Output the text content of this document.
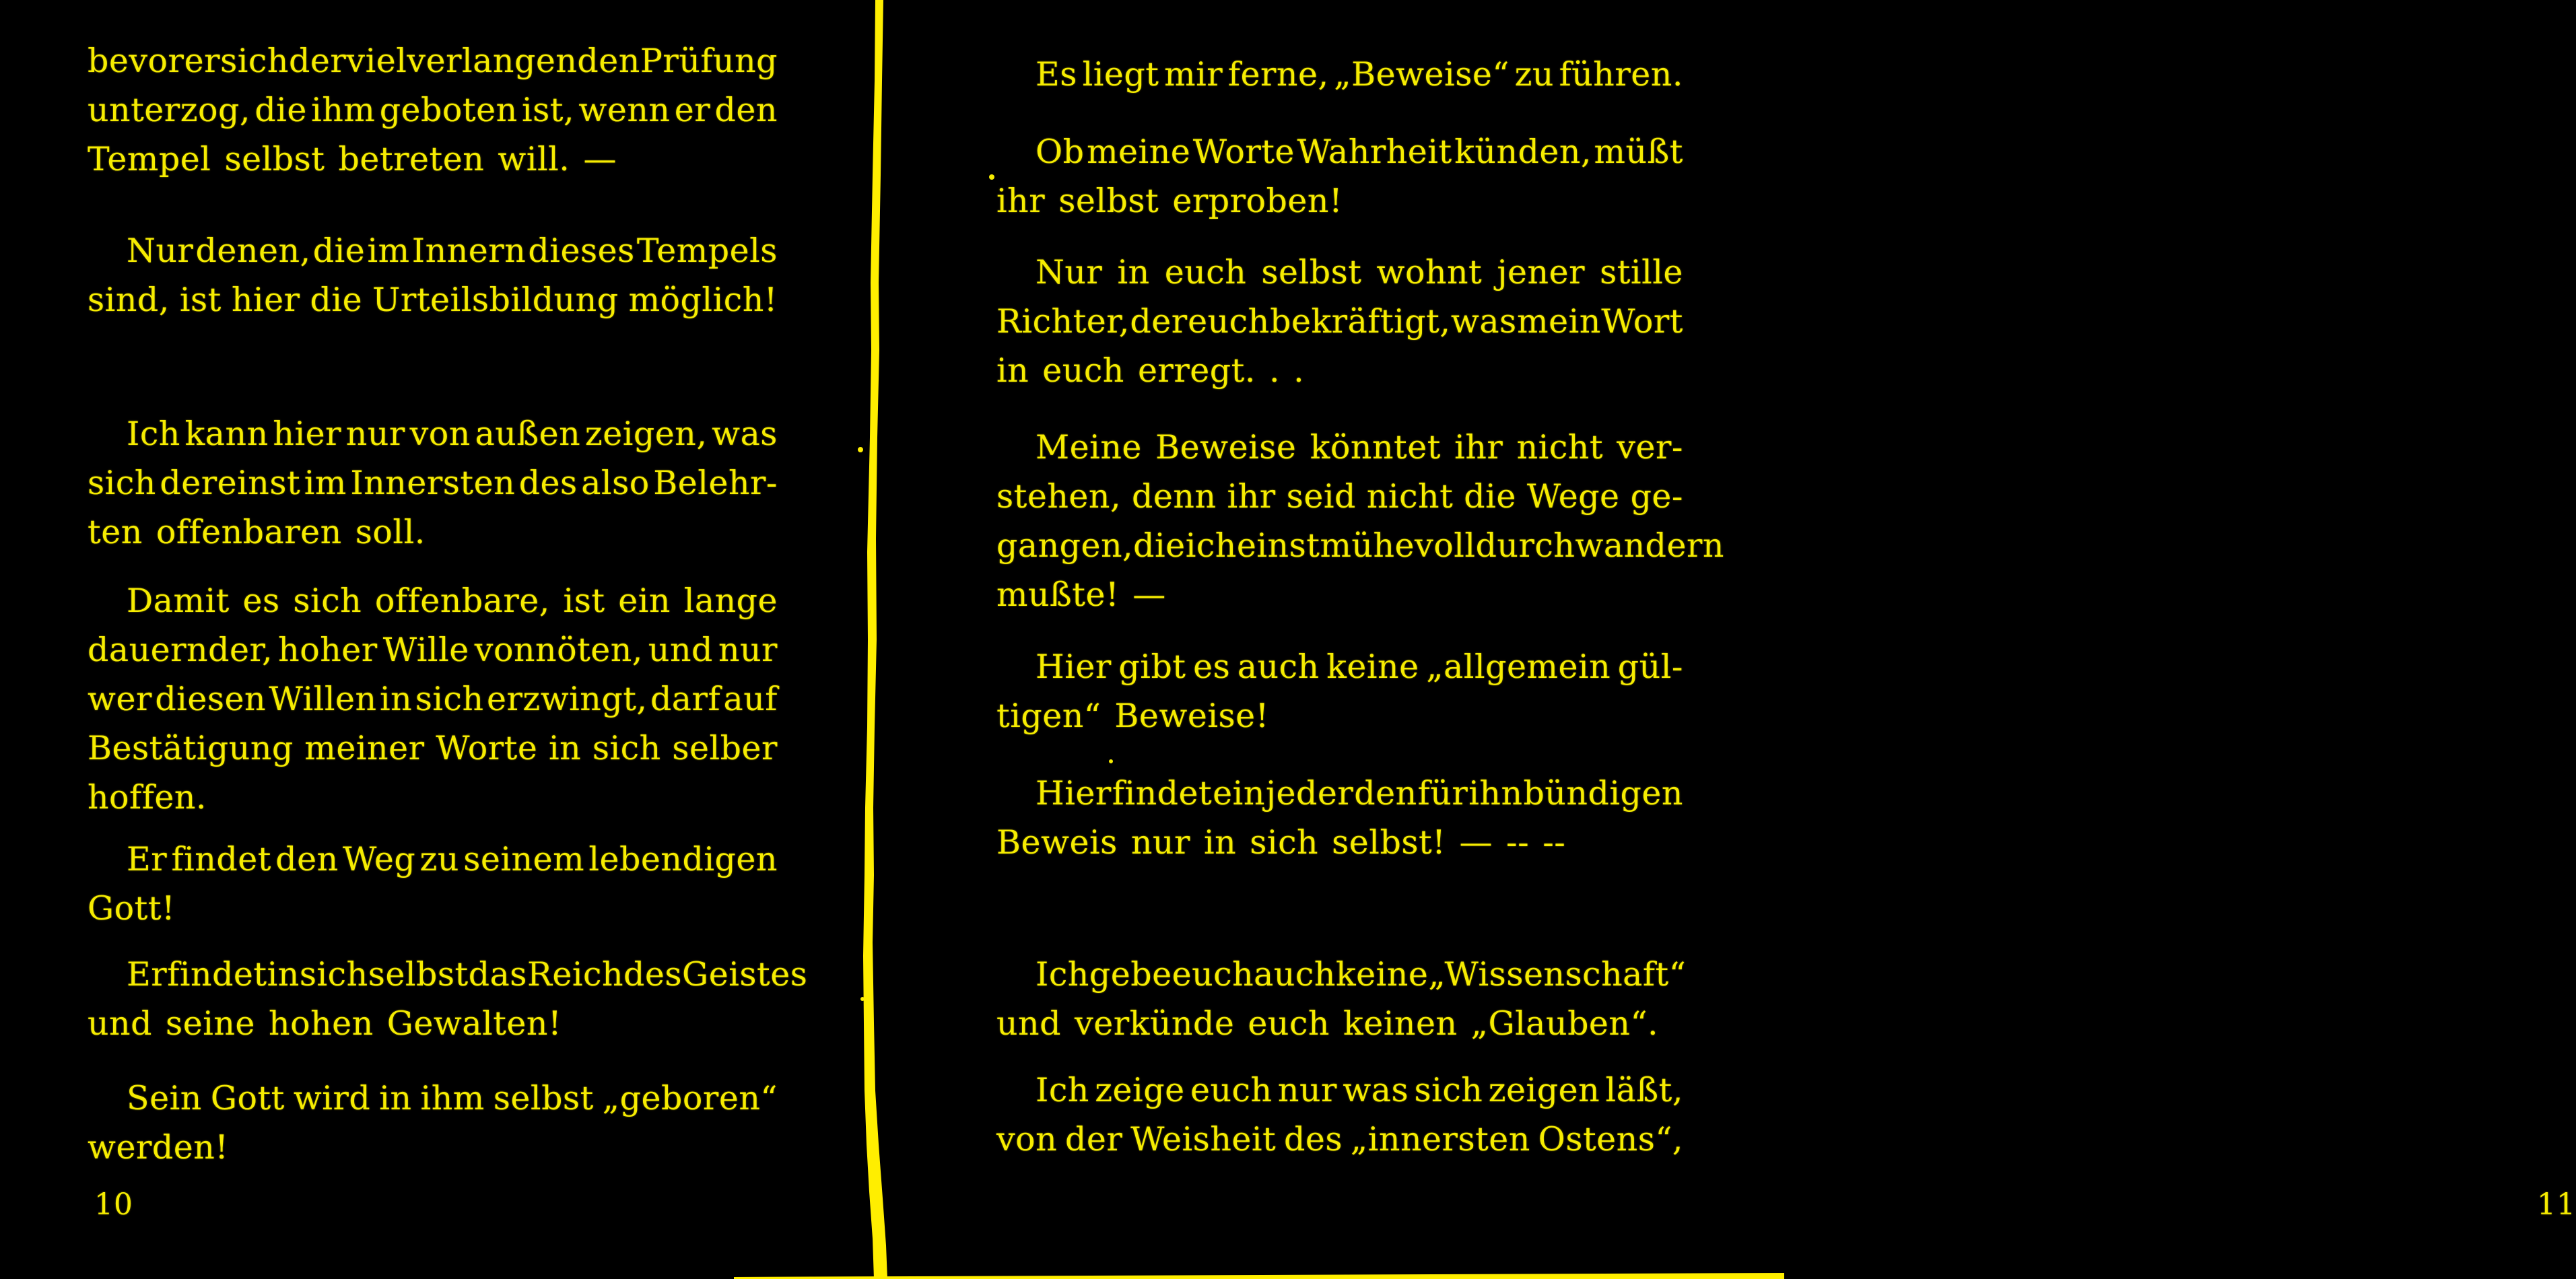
bevor er sich der vielverlangenden Prüfung
unterzog, die ihm geboten ist, wenn er den
Tempel selbst betreten will. —
Nur denen, die im Innern dieses Tempels
sind, ist hier die Urteilsbildung möglich!
Ich kann hier nur von außen zeigen, was
sich dereinst im Innersten des also Belehr-
ten offenbaren soll.
Damit es sich offenbare, ist ein lange
dauernder, hoher Wille vonnöten, und nur
wer diesen Willen in sich erzwingt, darf auf
Bestätigung meiner Worte in sich selber
hoffen.
Er findet den Weg zu seinem lebendigen
Gott!
Er findet in sich selbst das Reich des Geistes
und seine hohen Gewalten!
Sein Gott wird in ihm selbst „geboren“
werden!
10
Es liegt mir ferne, „Beweise“ zu führen.
Ob meine Worte Wahrheit künden, müßt
ihr selbst erproben!
Nur in euch selbst wohnt jener stille
Richter, der euch bekräftigt, was mein Wort
in euch erregt. . .
Meine Beweise könntet ihr nicht ver-
stehen, denn ihr seid nicht die Wege ge-
gangen, die ich einst mühevoll durchwandern
mußte! —
Hier gibt es auch keine „allgemein gül-
tigen“ Beweise!
Hier findet ein jeder den für ihn bündigen
Beweis nur in sich selbst! — -- --
Ich gebe euch auch keine „Wissenschaft“
und verkünde euch keinen „Glauben“.
Ich zeige euch nur was sich zeigen läßt,
von der Weisheit des „innersten Ostens“,
11
